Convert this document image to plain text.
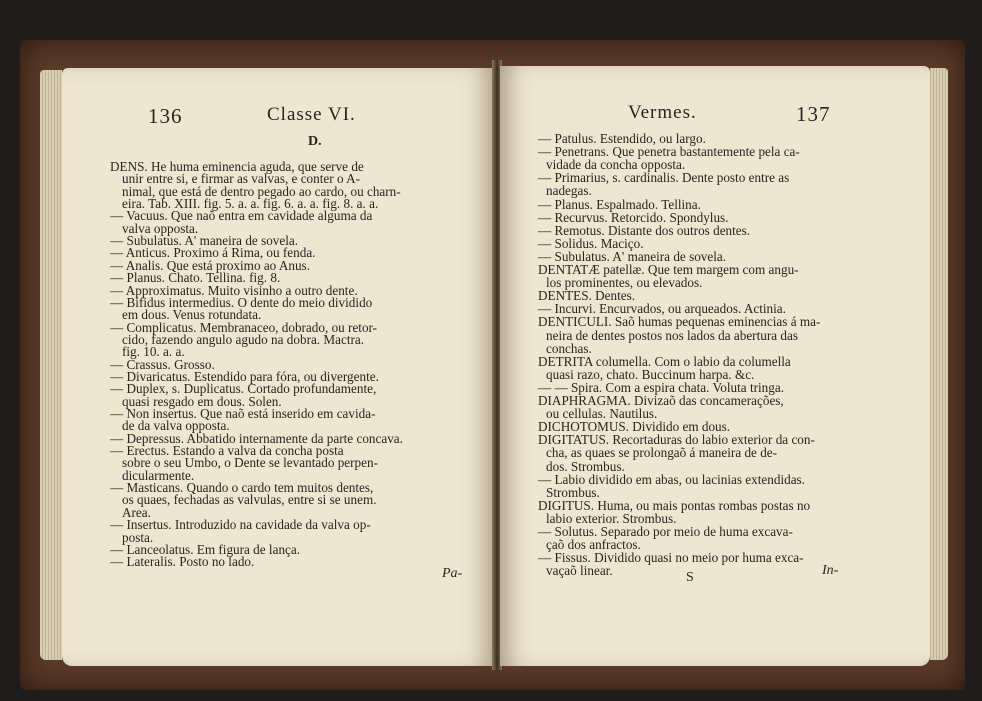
136	Classe VI.
D.
DENS. He huma eminencia aguda, que serve de
unir entre si, e firmar as valvas, e conter o A-
nimal, que está de dentro pegado ao cardo, ou charn-
eira. Tab. XIII. fig. 5. a. a. fig. 6. a. a. fig. 8. a. a.
— Vacuus. Que naõ entra em cavidade alguma da
valva opposta.
— Subulatus. A' maneira de sovela.
— Anticus. Proximo á Rima, ou fenda.
— Analis. Que está proximo ao Anus.
— Planus. Chato. Tellina. fig. 8.
— Approximatus. Muito visinho a outro dente.
— Bifidus intermedius. O dente do meio dividido
em dous. Venus rotundata.
— Complicatus. Membranaceo, dobrado, ou retor-
cido, fazendo angulo agudo na dobra. Mactra.
fig. 10. a. a.
— Crassus. Grosso.
— Divaricatus. Estendido para fóra, ou divergente.
— Duplex, s. Duplicatus. Cortado profundamente,
quasi resgado em dous. Solen.
— Non insertus. Que naõ está inserido em cavida-
de da valva opposta.
— Depressus. Abbatido internamente da parte concava.
— Erectus. Estando a valva da concha posta
sobre o seu Umbo, o Dente se levantado perpen-
dicularmente.
— Masticans. Quando o cardo tem muitos dentes,
os quaes, fechadas as valvulas, entre si se unem.
Area.
— Insertus. Introduzido na cavidade da valva op-
posta.
— Lanceolatus. Em figura de lança.
— Lateralis. Posto no lado.
Pa-
Vermes.	137
— Patulus. Estendido, ou largo.
— Penetrans. Que penetra bastantemente pela ca-
vidade da concha opposta.
— Primarius, s. cardinalis. Dente posto entre as
nadegas.
— Planus. Espalmado. Tellina.
— Recurvus. Retorcido. Spondylus.
— Remotus. Distante dos outros dentes.
— Solidus. Maciço.
— Subulatus. A' maneira de sovela.
DENTATÆ patellæ. Que tem margem com angu-
los prominentes, ou elevados.
DENTES. Dentes.
— Incurvi. Encurvados, ou arqueados. Actinia.
DENTICULI. Saõ humas pequenas eminencias á ma-
neira de dentes postos nos lados da abertura das
conchas.
DETRITA columella. Com o labio da columella
quasi razo, chato. Buccinum harpa. &c.
— — Spira. Com a espira chata. Voluta tringa.
DIAPHRAGMA. Divizaõ das concamerações,
ou cellulas. Nautilus.
DICHOTOMUS. Dividido em dous.
DIGITATUS. Recortaduras do labio exterior da con-
cha, as quaes se prolongaõ á maneira de de-
dos. Strombus.
— Labio dividido em abas, ou lacinias extendidas.
Strombus.
DIGITUS. Huma, ou mais pontas rombas postas no
labio exterior. Strombus.
— Solutus. Separado por meio de huma excava-
çaõ dos anfractos.
— Fissus. Dividido quasi no meio por huma exca-
vaçaõ linear.	S	In-
